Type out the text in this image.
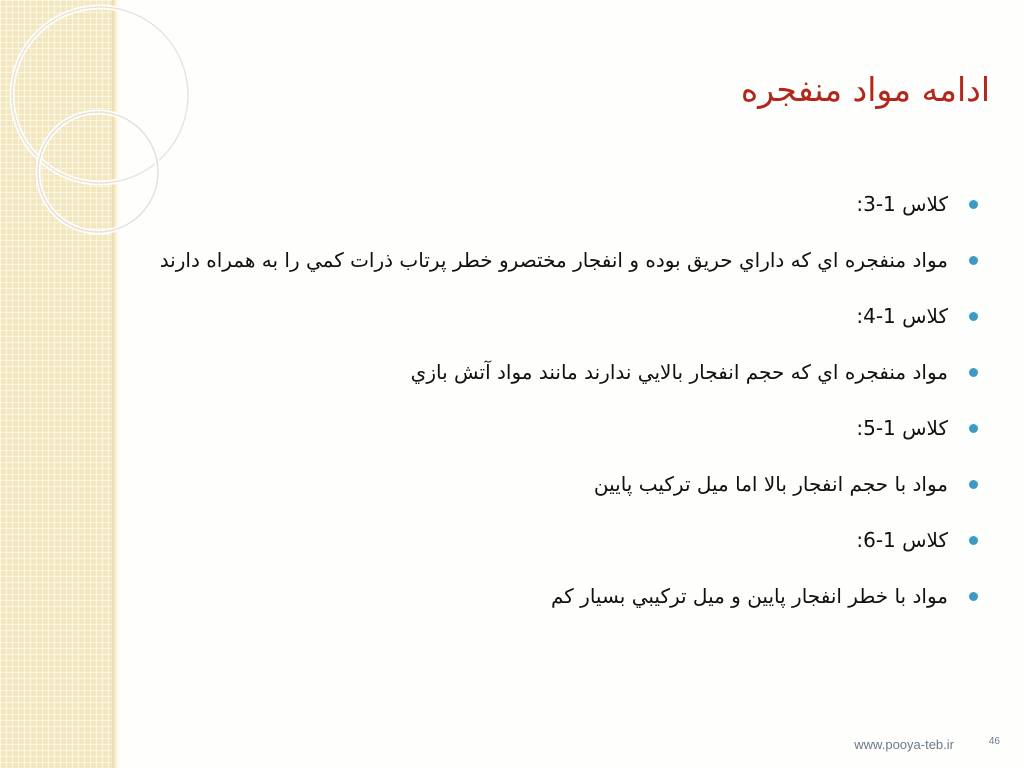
ادامه مواد منفجره
كلاس 1-3:
مواد منفجره اي كه داراي حريق بوده و انفجار مختصرو خطر پرتاب ذرات كمي را به همراه دارند
كلاس 1-4:
مواد منفجره اي كه حجم انفجار بالايي ندارند مانند مواد آتش بازي
كلاس 1-5:
مواد با حجم انفجار بالا اما ميل تركيب پايين
كلاس 1-6:
مواد با خطر انفجار پايين و ميل تركيبي بسيار كم
www.pooya-teb.ir	46
